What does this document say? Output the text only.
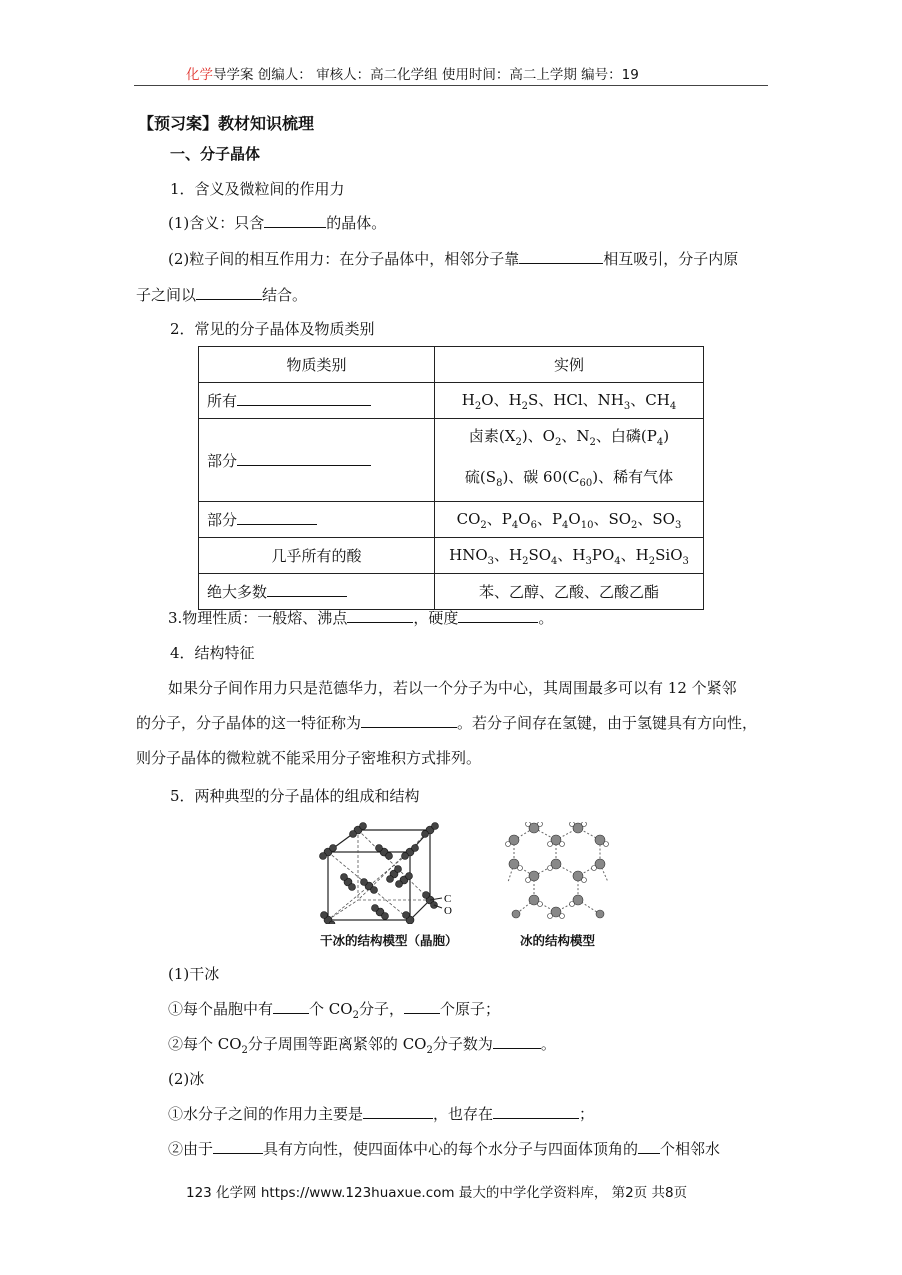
化学导学案 创编人： 审核人：高二化学组 使用时间：高二上学期 编号：19
【预习案】教材知识梳理
一、分子晶体
1．含义及微粒间的作用力
(1)含义：只含	的晶体。
(2)粒子间的相互作用力：在分子晶体中，相邻分子靠	相互吸引，分子内原
子之间以	结合。
2．常见的分子晶体及物质类别
物质类别	实例
所有	$H_2O$、$H_2S$、HCl、$NH_3$、$CH_4$
部分	卤素$(X_2)$、$O_2$、$N_2$、白磷$(P_4)$
硫$(S_8)$、碳 $60(C_{60})$、稀有气体
部分	$CO_2$、$P_4O_6$、$P_4O_{10}$、$SO_2$、$SO_3$
几乎所有的酸	$HNO_3$、$H_2SO_4$、$H_3PO_4$、$H_2SiO_3$
绝大多数	苯、乙醇、乙酸、乙酸乙酯
3.物理性质：一般熔、沸点	，硬度	。
4．结构特征
如果分子间作用力只是范德华力，若以一个分子为中心，其周围最多可以有 12 个紧邻
的分子，分子晶体的这一特征称为	。若分子间存在氢键，由于氢键具有方向性，
则分子晶体的微粒就不能采用分子密堆积方式排列。
5．两种典型的分子晶体的组成和结构
C
O
干冰的结构模型（晶胞）	冰的结构模型
(1)干冰
①每个晶胞中有 个 $CO_2$分子， 个原子；
②每个 $CO_2$分子周围等距离紧邻的 $CO_2$分子数为	。
(2)冰
①水分子之间的作用力主要是	，也存在	；
②由于	具有方向性，使四面体中心的每个水分子与四面体顶角的 个相邻水
123 化学网 https://www.123huaxue.com 最大的中学化学资料库， 第2页 共8页
